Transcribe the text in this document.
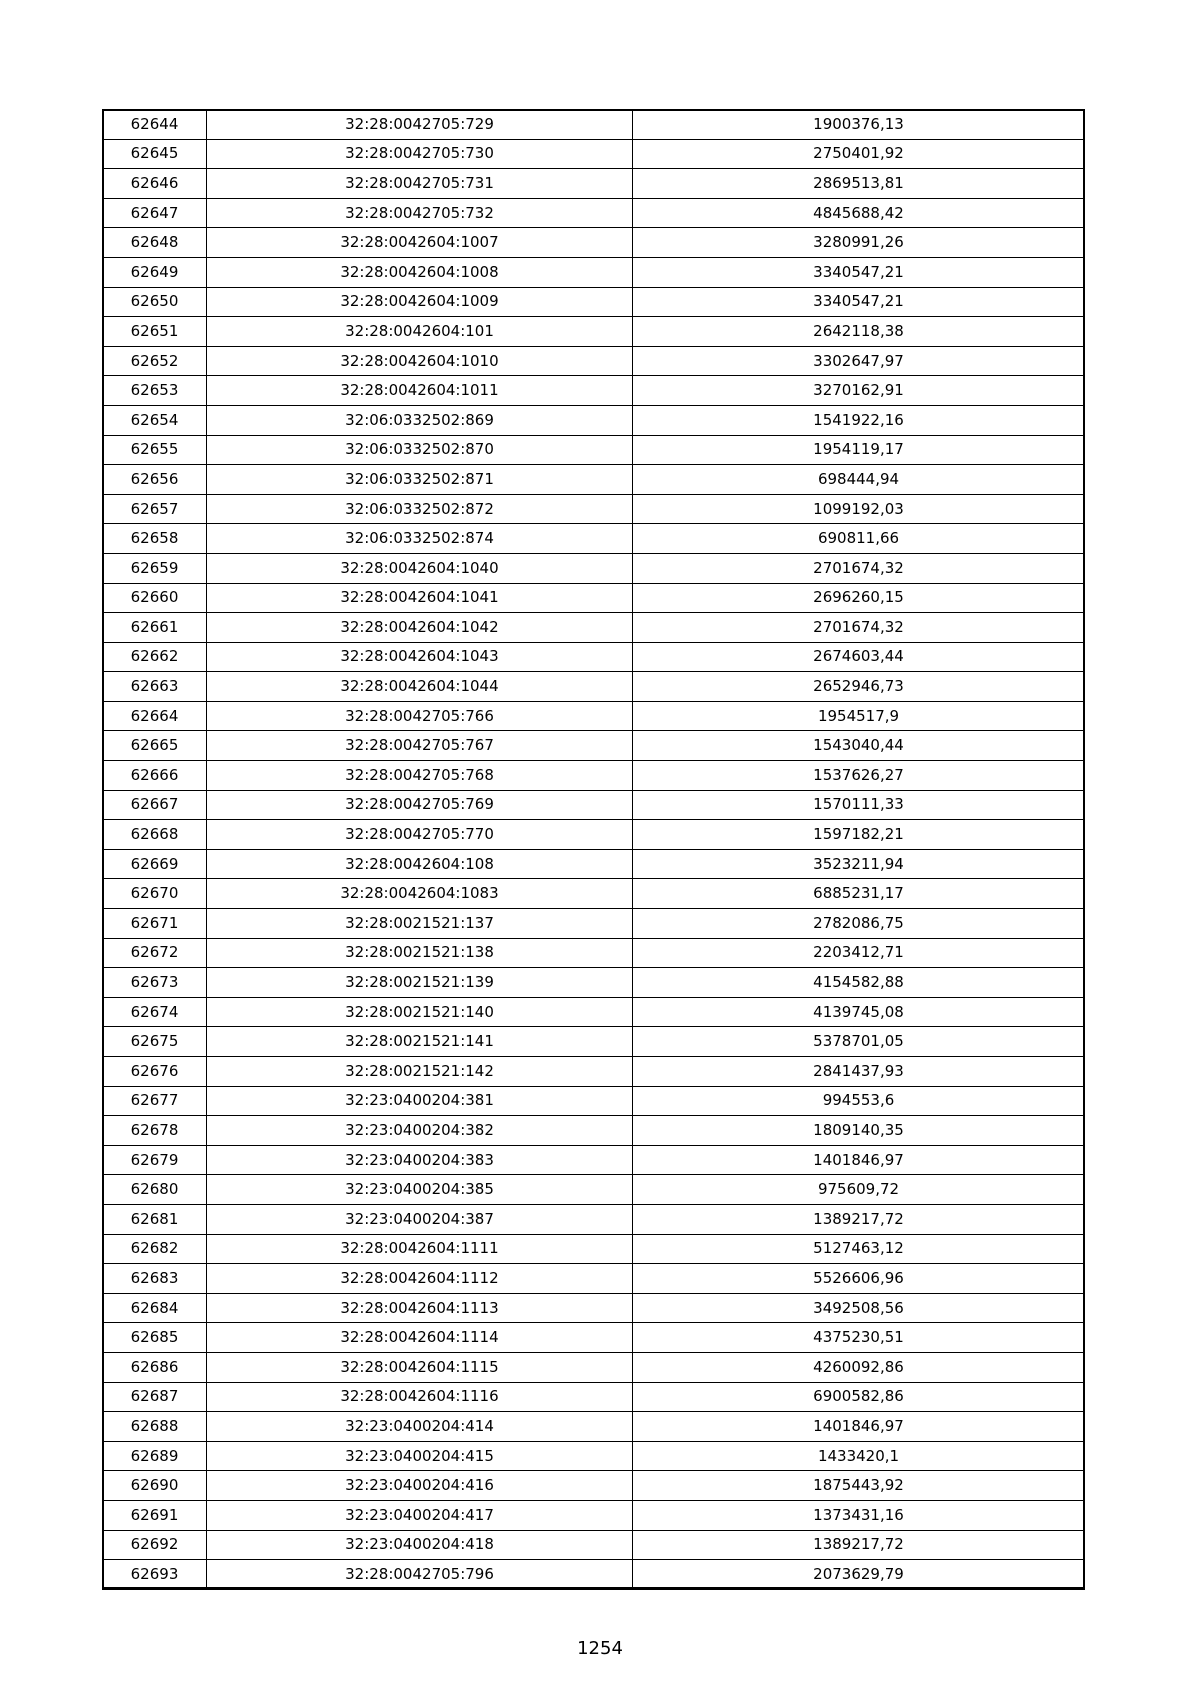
62644	32:28:0042705:729	1900376,13
62645	32:28:0042705:730	2750401,92
62646	32:28:0042705:731	2869513,81
62647	32:28:0042705:732	4845688,42
62648	32:28:0042604:1007	3280991,26
62649	32:28:0042604:1008	3340547,21
62650	32:28:0042604:1009	3340547,21
62651	32:28:0042604:101	2642118,38
62652	32:28:0042604:1010	3302647,97
62653	32:28:0042604:1011	3270162,91
62654	32:06:0332502:869	1541922,16
62655	32:06:0332502:870	1954119,17
62656	32:06:0332502:871	698444,94
62657	32:06:0332502:872	1099192,03
62658	32:06:0332502:874	690811,66
62659	32:28:0042604:1040	2701674,32
62660	32:28:0042604:1041	2696260,15
62661	32:28:0042604:1042	2701674,32
62662	32:28:0042604:1043	2674603,44
62663	32:28:0042604:1044	2652946,73
62664	32:28:0042705:766	1954517,9
62665	32:28:0042705:767	1543040,44
62666	32:28:0042705:768	1537626,27
62667	32:28:0042705:769	1570111,33
62668	32:28:0042705:770	1597182,21
62669	32:28:0042604:108	3523211,94
62670	32:28:0042604:1083	6885231,17
62671	32:28:0021521:137	2782086,75
62672	32:28:0021521:138	2203412,71
62673	32:28:0021521:139	4154582,88
62674	32:28:0021521:140	4139745,08
62675	32:28:0021521:141	5378701,05
62676	32:28:0021521:142	2841437,93
62677	32:23:0400204:381	994553,6
62678	32:23:0400204:382	1809140,35
62679	32:23:0400204:383	1401846,97
62680	32:23:0400204:385	975609,72
62681	32:23:0400204:387	1389217,72
62682	32:28:0042604:1111	5127463,12
62683	32:28:0042604:1112	5526606,96
62684	32:28:0042604:1113	3492508,56
62685	32:28:0042604:1114	4375230,51
62686	32:28:0042604:1115	4260092,86
62687	32:28:0042604:1116	6900582,86
62688	32:23:0400204:414	1401846,97
62689	32:23:0400204:415	1433420,1
62690	32:23:0400204:416	1875443,92
62691	32:23:0400204:417	1373431,16
62692	32:23:0400204:418	1389217,72
62693	32:28:0042705:796	2073629,79
1254
